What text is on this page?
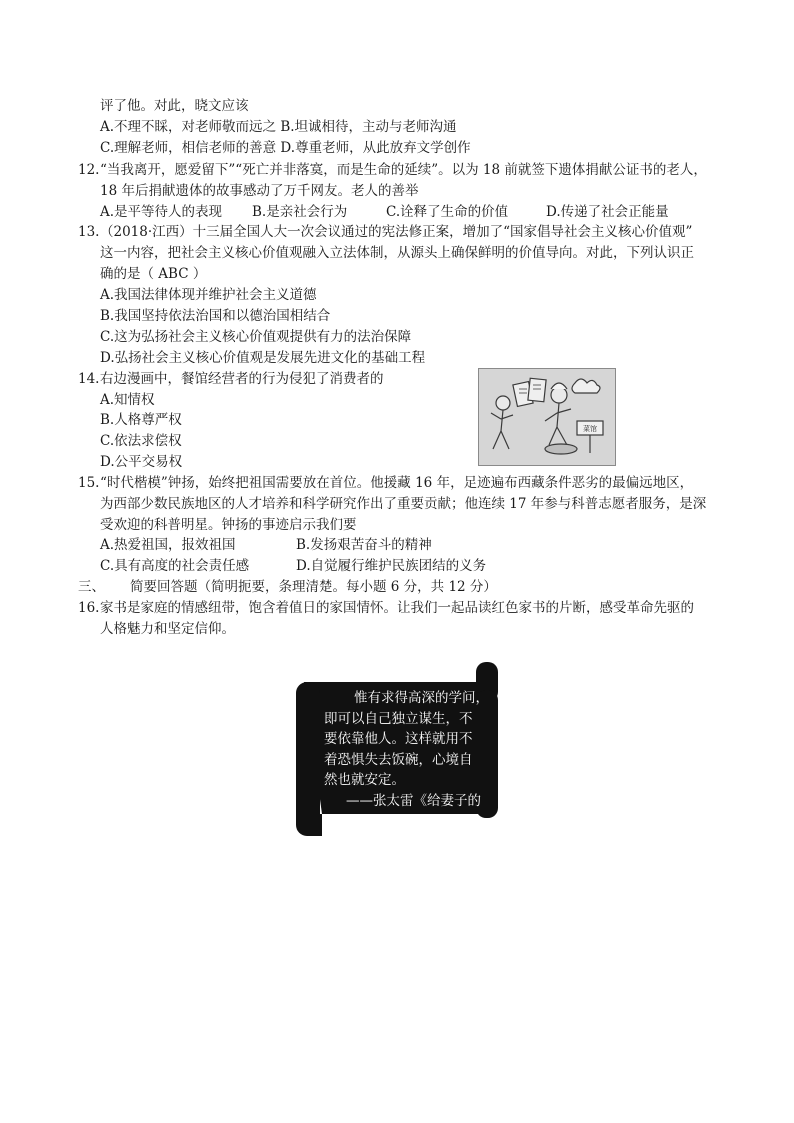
评了他。对此，晓文应该
A.不理不睬，对老师敬而远之 B.坦诚相待，主动与老师沟通
C.理解老师，相信老师的善意 D.尊重老师，从此放弃文学创作
12. “当我离开，愿爱留下”“死亡并非落寞，而是生命的延续”。以为 18 前就签下遗体捐献公证书的老人，
18 年后捐献遗体的故事感动了万千网友。老人的善举
A.是平等待人的表现 B.是亲社会行为	C.诠释了生命的价值	D.传递了社会正能量
13. （2018·江西）十三届全国人大一次会议通过的宪法修正案，增加了“国家倡导社会主义核心价值观”
这一内容，把社会主义核心价值观融入立法体制，从源头上确保鲜明的价值导向。对此，下列认识正
确的是（ ABC ）
A.我国法律体现并维护社会主义道德
B.我国坚持依法治国和以德治国相结合
C.这为弘扬社会主义核心价值观提供有力的法治保障
D.弘扬社会主义核心价值观是发展先进文化的基础工程
14. 右边漫画中，餐馆经营者的行为侵犯了消费者的
A.知情权
B.人格尊严权
C.依法求偿权
D.公平交易权
菜馆
15. “时代楷模”钟扬，始终把祖国需要放在首位。他援藏 16 年，足迹遍布西藏条件恶劣的最偏远地区，
为西部少数民族地区的人才培养和科学研究作出了重要贡献；他连续 17 年参与科普志愿者服务，是深
受欢迎的科普明星。钟扬的事迹启示我们要
A.热爱祖国，报效祖国	B.发扬艰苦奋斗的精神
C.具有高度的社会责任感	D.自觉履行维护民族团结的义务
三、 简要回答题（简明扼要，条理清楚。每小题 6 分，共 12 分）
16. 家书是家庭的情感纽带，饱含着值日的家国情怀。让我们一起品读红色家书的片断，感受革命先驱的
人格魅力和坚定信仰。
惟有求得高深的学问，
即可以自己独立谋生，不
要依靠他人。这样就用不
着恐惧失去饭碗，心境自
然也就安定。
——张太雷《给妻子的
